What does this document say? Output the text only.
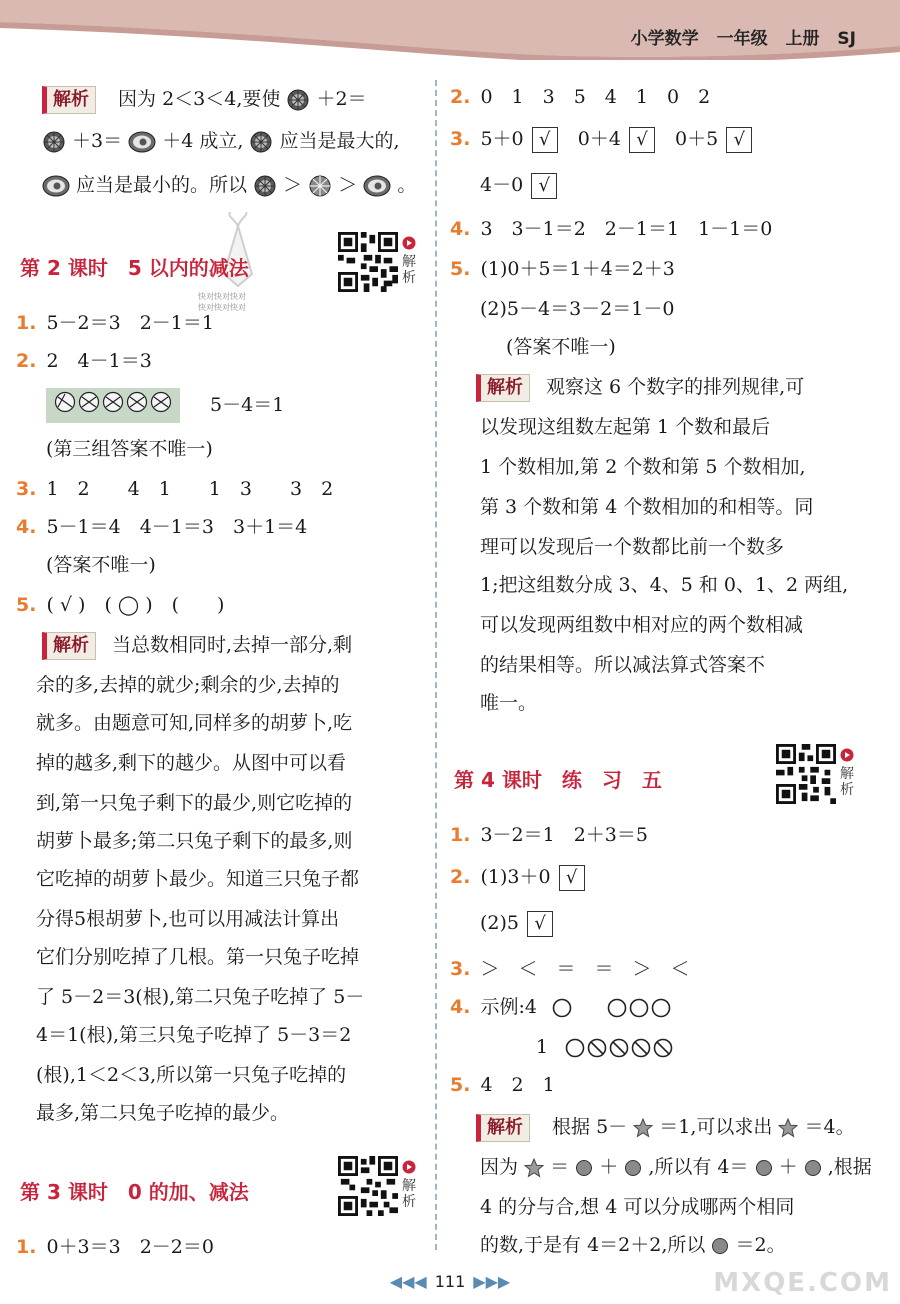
小学数学 一年级 上册 SJ
解析 因为 2＜3＜4,要使 ＋2＝
＋3＝ ＋4 成立, 应当是最大的,
应当是最小的。所以 ＞ ＞ 。
快对快对快对
快对快对快对
第 2 课时 5 以内的减法	解析
1. 5－2＝3　2－1＝1
2. 2　4－1＝3
5－4＝1
(第三组答案不唯一)
3. 1　2　　4　1　　1　3　　3　2
4. 5－1＝4　4－1＝3　3＋1＝4
(答案不唯一)
5. ( √ )　( ◯ )　(　　)
解析 当总数相同时,去掉一部分,剩
余的多,去掉的就少;剩余的少,去掉的
就多。由题意可知,同样多的胡萝卜,吃
掉的越多,剩下的越少。从图中可以看
到,第一只兔子剩下的最少,则它吃掉的
胡萝卜最多;第二只兔子剩下的最多,则
它吃掉的胡萝卜最少。知道三只兔子都
分得5根胡萝卜,也可以用减法计算出
它们分别吃掉了几根。第一只兔子吃掉
了 5－2＝3(根),第二只兔子吃掉了 5－
4＝1(根),第三只兔子吃掉了 5－3＝2
(根),1＜2＜3,所以第一只兔子吃掉的
最多,第二只兔子吃掉的最少。
第 3 课时 0 的加、减法	解析
1. 0＋3＝3　2－2＝0
2. 0　1　3　5　4　1　0　2
3. 5＋0 √ 0＋4 √ 0＋5 √
4－0 √
4. 3　3－1＝2　2－1＝1　1－1＝0
5. (1)0＋5＝1＋4＝2＋3
(2)5－4＝3－2＝1－0
(答案不唯一)
解析 观察这 6 个数字的排列规律,可
以发现这组数左起第 1 个数和最后
1 个数相加,第 2 个数和第 5 个数相加,
第 3 个数和第 4 个数相加的和相等。同
理可以发现后一个数都比前一个数多
1;把这组数分成 3、4、5 和 0、1、2 两组,
可以发现两组数中相对应的两个数相减
的结果相等。所以减法算式答案不
唯一。
第 4 课时 练　习　五	解析
1. 3－2＝1　2＋3＝5
2. (1)3＋0 √
(2)5 √
3. ＞　＜　＝　＝　＞　＜
4. 示例:4
1
5. 4　2　1
解析 根据 5－ ＝1,可以求出 ＝4。
因为 ＝ ＋ ,所以有 4＝ ＋ ,根据
4 的分与合,想 4 可以分成哪两个相同
的数,于是有 4＝2＋2,所以 ＝2。
◀◀◀ 111 ▶▶▶	MXQE.COM
